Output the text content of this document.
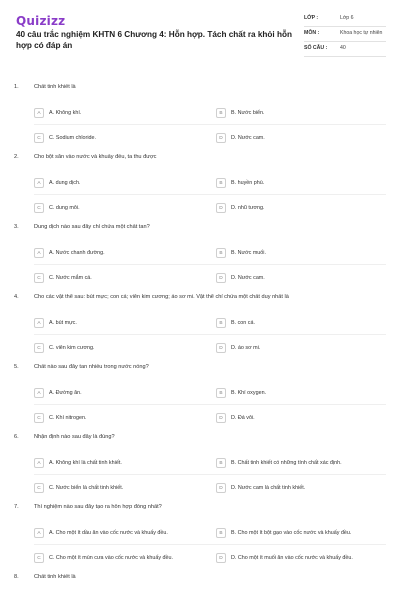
Quizizz
40 câu trắc nghiệm KHTN 6 Chương 4: Hỗn hợp. Tách chất ra khỏi hỗn hợp có đáp án
LỚP :	Lớp 6
MÔN :	Khoa học tự nhiên
SỐ CÂU :	40
1.	Chất tinh khiết là
A	A. Không khí.	B	B. Nước biển.
C	C. Sodium chloride.	D	D. Nước cam.
2.	Cho bột sắn vào nước và khuấy đều, ta thu được
A	A. dung dịch.	B	B. huyền phù.
C	C. dung môi.	D	D. nhũ tương.
3.	Dung dịch nào sau đây chỉ chứa một chất tan?
A	A. Nước chanh đường.	B	B. Nước muối.
C	C. Nước mắm cá.	D	D. Nước cam.
4.	Cho các vật thể sau: bút mực; con cá; viên kim cương; áo sơ mi. Vật thể chỉ chứa một chất duy nhất là
A	A. bút mực.	B	B. con cá.
C	C. viên kim cương.	D	D. áo sơ mi.
5.	Chất nào sau đây tan nhiều trong nước nóng?
A	A. Đường ăn.	B	B. Khí oxygen.
C	C. Khí nitrogen.	D	D. Đá vôi.
6.	Nhận định nào sau đây là đúng?
A	A. Không khí là chất tinh khiết.	B	B. Chất tinh khiết có những tính chất xác định.
C	C. Nước biển là chất tinh khiết.	D	D. Nước cam là chất tinh khiết.
7.	Thí nghiệm nào sau đây tạo ra hỗn hợp đồng nhất?
A	A. Cho một ít dầu ăn vào cốc nước và khuấy đều.	B	B. Cho một ít bột gạo vào cốc nước và khuấy đều.
C	C. Cho một ít mùn cưa vào cốc nước và khuấy đều.	D	D. Cho một ít muối ăn vào cốc nước và khuấy đều.
8.	Chất tinh khiết là
